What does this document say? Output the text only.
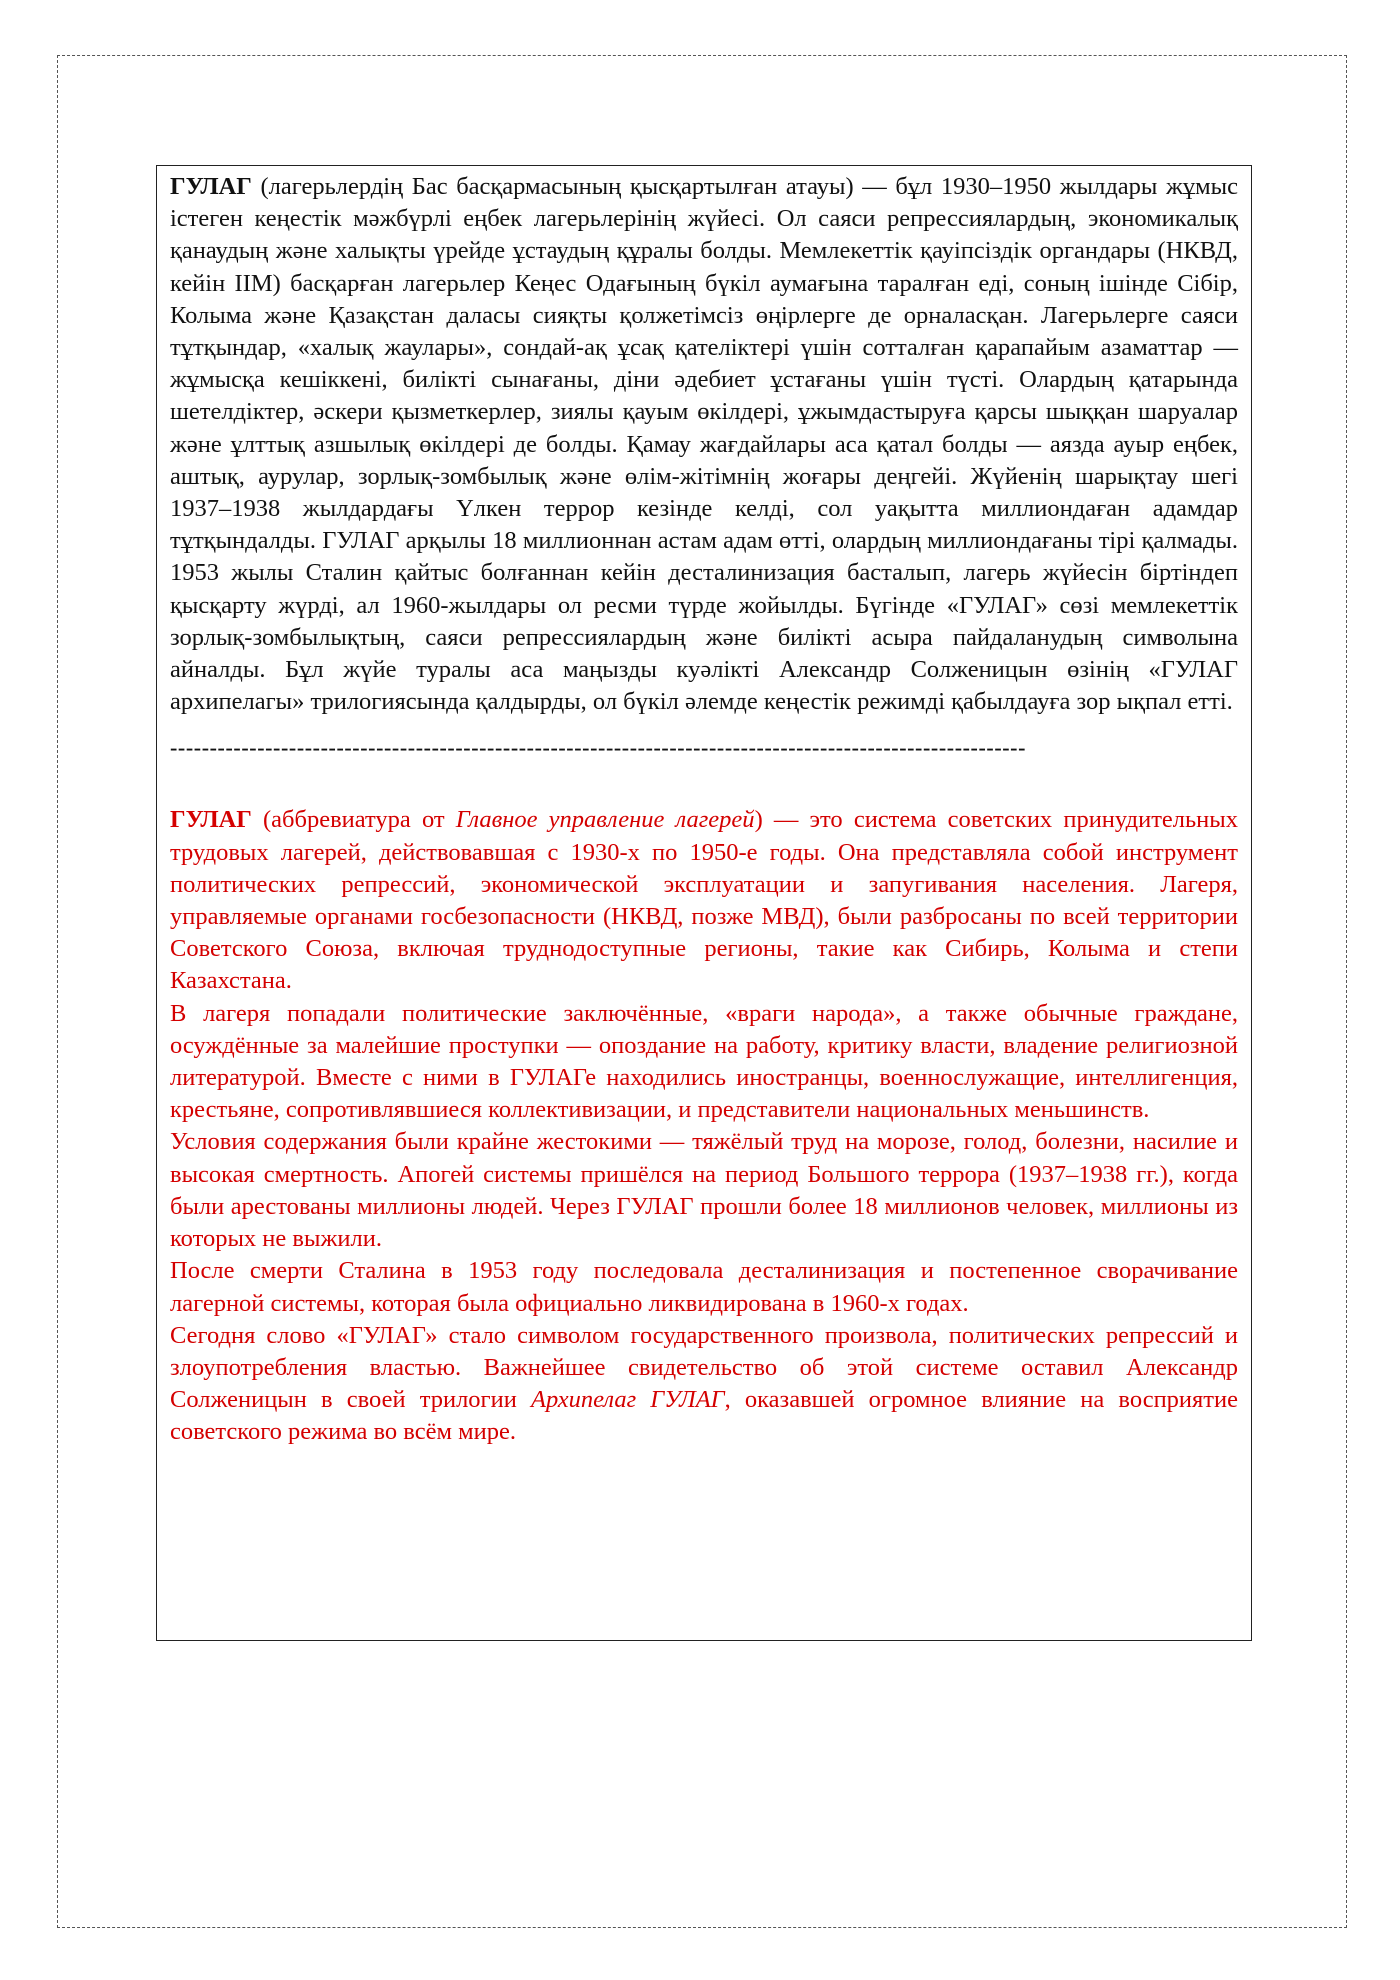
ГУЛАГ (лагерьлердің Бас басқармасының қысқартылған атауы) — бұл 1930–1950 жылдары жұмыс істеген кеңестік мәжбүрлі еңбек лагерьлерінің жүйесі. Ол саяси репрессиялардың, экономикалық қанаудың және халықты үрейде ұстаудың құралы болды. Мемлекеттік қауіпсіздік органдары (НКВД, кейін ІІМ) басқарған лагерьлер Кеңес Одағының бүкіл аумағына таралған еді, соның ішінде Сібір, Колыма және Қазақстан даласы сияқты қолжетімсіз өңірлерге де орналасқан. Лагерьлерге саяси тұтқындар, «халық жаулары», сондай-ақ ұсақ қателіктері үшін сотталған қарапайым азаматтар — жұмысқа кешіккені, билікті сынағаны, діни әдебиет ұстағаны үшін түсті. Олардың қатарында шетелдіктер, әскери қызметкерлер, зиялы қауым өкілдері, ұжымдастыруға қарсы шыққан шаруалар және ұлттық азшылық өкілдері де болды. Қамау жағдайлары аса қатал болды — аязда ауыр еңбек, аштық, аурулар, зорлық-зомбылық және өлім-жітімнің жоғары деңгейі. Жүйенің шарықтау шегі 1937–1938 жылдардағы Үлкен террор кезінде келді, сол уақытта миллиондаған адамдар тұтқындалды. ГУЛАГ арқылы 18 миллионнан астам адам өтті, олардың миллиондағаны тірі қалмады. 1953 жылы Сталин қайтыс болғаннан кейін десталинизация басталып, лагерь жүйесін біртіндеп қысқарту жүрді, ал 1960-жылдары ол ресми түрде жойылды. Бүгінде «ГУЛАГ» сөзі мемлекеттік зорлық-зомбылықтың, саяси репрессиялардың және билікті асыра пайдаланудың символына айналды. Бұл жүйе туралы аса маңызды куәлікті Александр Солженицын өзінің «ГУЛАГ архипелагы» трилогиясында қалдырды, ол бүкіл әлемде кеңестік режимді қабылдауға зор ықпал етті.

------------------------------------------------------------------------------------------------------------

ГУЛАГ (аббревиатура от Главное управление лагерей) — это система советских принудительных трудовых лагерей, действовавшая с 1930-х по 1950-е годы. Она представляла собой инструмент политических репрессий, экономической эксплуатации и запугивания населения. Лагеря, управляемые органами госбезопасности (НКВД, позже МВД), были разбросаны по всей территории Советского Союза, включая труднодоступные регионы, такие как Сибирь, Колыма и степи Казахстана.

В лагеря попадали политические заключённые, «враги народа», а также обычные граждане, осуждённые за малейшие проступки — опоздание на работу, критику власти, владение религиозной литературой. Вместе с ними в ГУЛАГе находились иностранцы, военнослужащие, интеллигенция, крестьяне, сопротивлявшиеся коллективизации, и представители национальных меньшинств.

Условия содержания были крайне жестокими — тяжёлый труд на морозе, голод, болезни, насилие и высокая смертность. Апогей системы пришёлся на период Большого террора (1937–1938 гг.), когда были арестованы миллионы людей. Через ГУЛАГ прошли более 18 миллионов человек, миллионы из которых не выжили.

После смерти Сталина в 1953 году последовала десталинизация и постепенное сворачивание лагерной системы, которая была официально ликвидирована в 1960-х годах.

Сегодня слово «ГУЛАГ» стало символом государственного произвола, политических репрессий и злоупотребления властью. Важнейшее свидетельство об этой системе оставил Александр Солженицын в своей трилогии Архипелаг ГУЛАГ, оказавшей огромное влияние на восприятие советского режима во всём мире.
